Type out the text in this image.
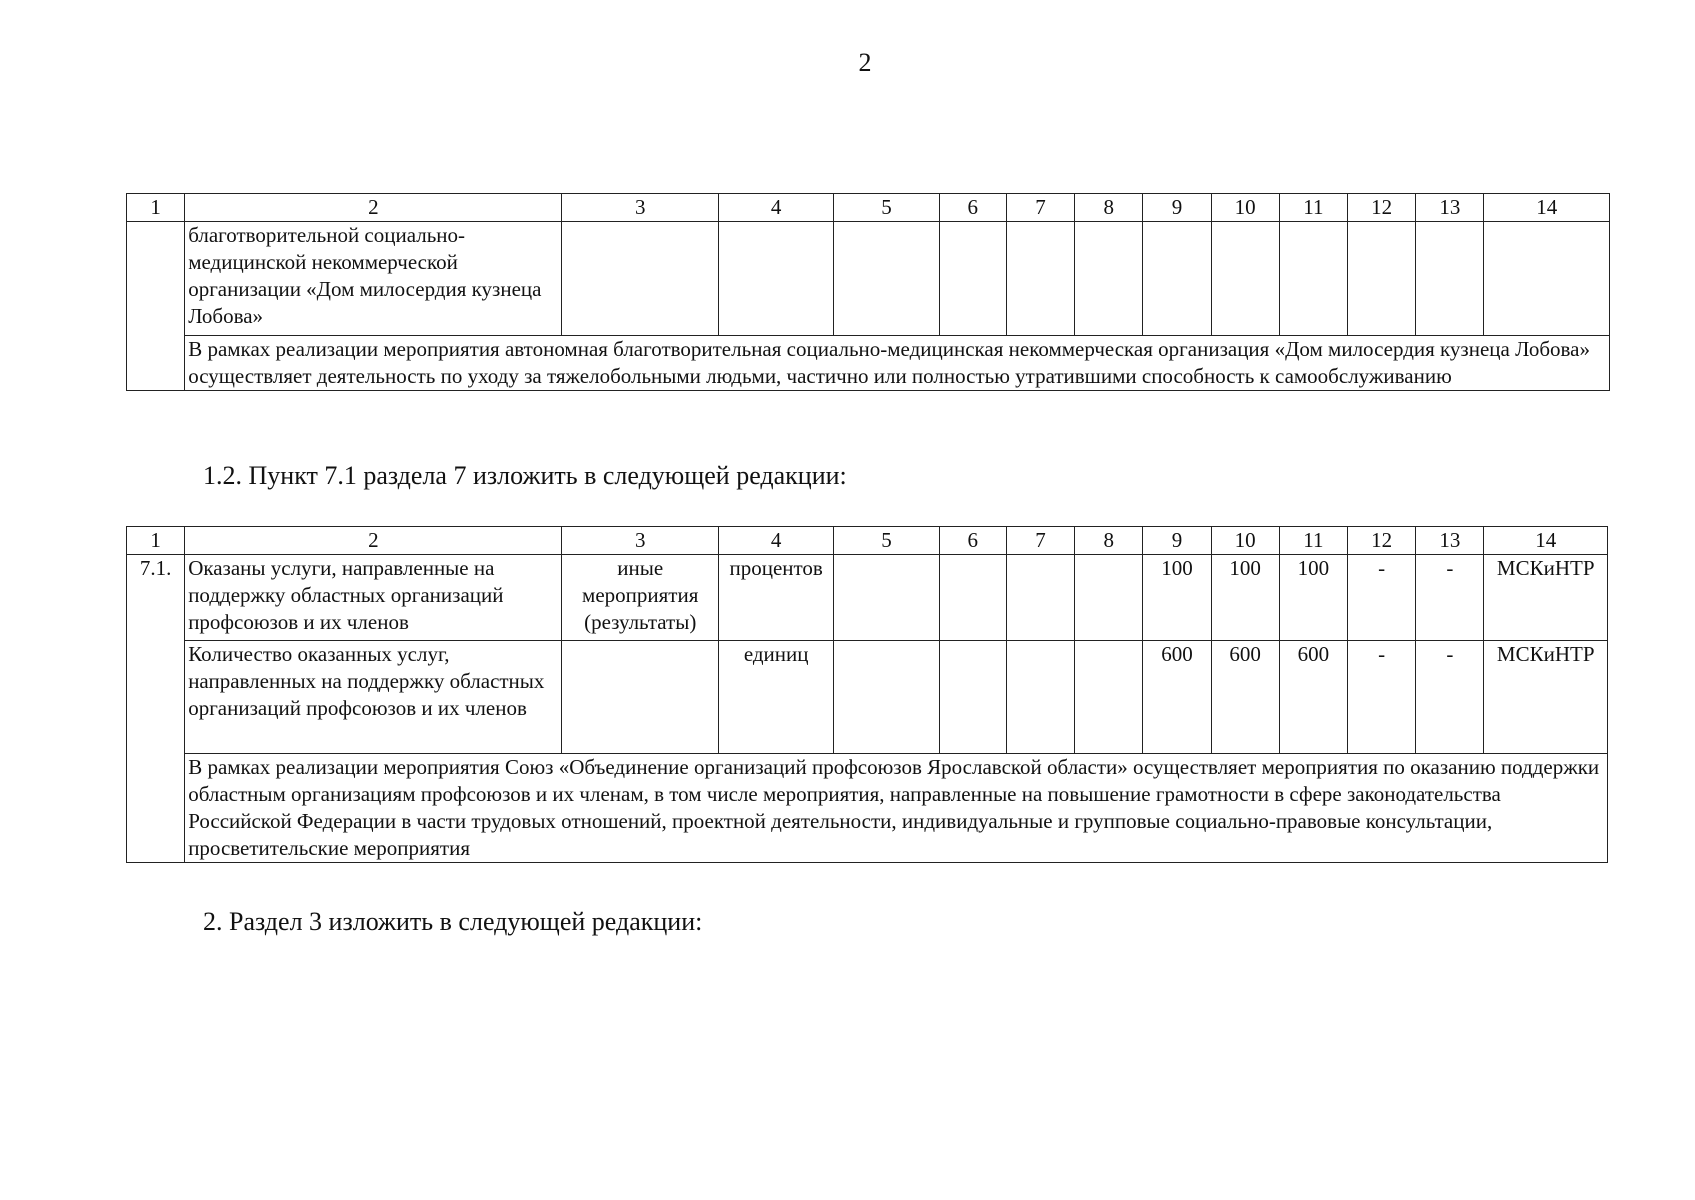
2
1	2	3	4	5	6	7	8	9	10	11	12	13	14
	благотворительной социально-медицинской некоммерческой организации «Дом милосердия кузнеца Лобова»												
	В рамках реализации мероприятия автономная благотворительная социально-медицинская некоммерческая организация «Дом милосердия кузнеца Лобова» осуществляет деятельность по уходу за тяжелобольными людьми, частично или полностью утратившими способность к самообслуживанию												
1.2. Пункт 7.1 раздела 7 изложить в следующей редакции:
1	2	3	4	5	6	7	8	9	10	11	12	13	14
7.1.	Оказаны услуги, направленные на поддержку областных организаций профсоюзов и их членов	иные мероприятия (результаты)	процентов					100	100	100	-	-	МСКиНТР
	Количество оказанных услуг, направленных на поддержку областных организаций профсоюзов и их членов		единиц					600	600	600	-	-	МСКиНТР
	В рамках реализации мероприятия Союз «Объединение организаций профсоюзов Ярославской области» осуществляет мероприятия по оказанию поддержки областным организациям профсоюзов и их членам, в том числе мероприятия, направленные на повышение грамотности в сфере законодательства Российской Федерации в части трудовых отношений, проектной деятельности, индивидуальные и групповые социально-правовые консультации, просветительские мероприятия												
2. Раздел 3 изложить в следующей редакции:
